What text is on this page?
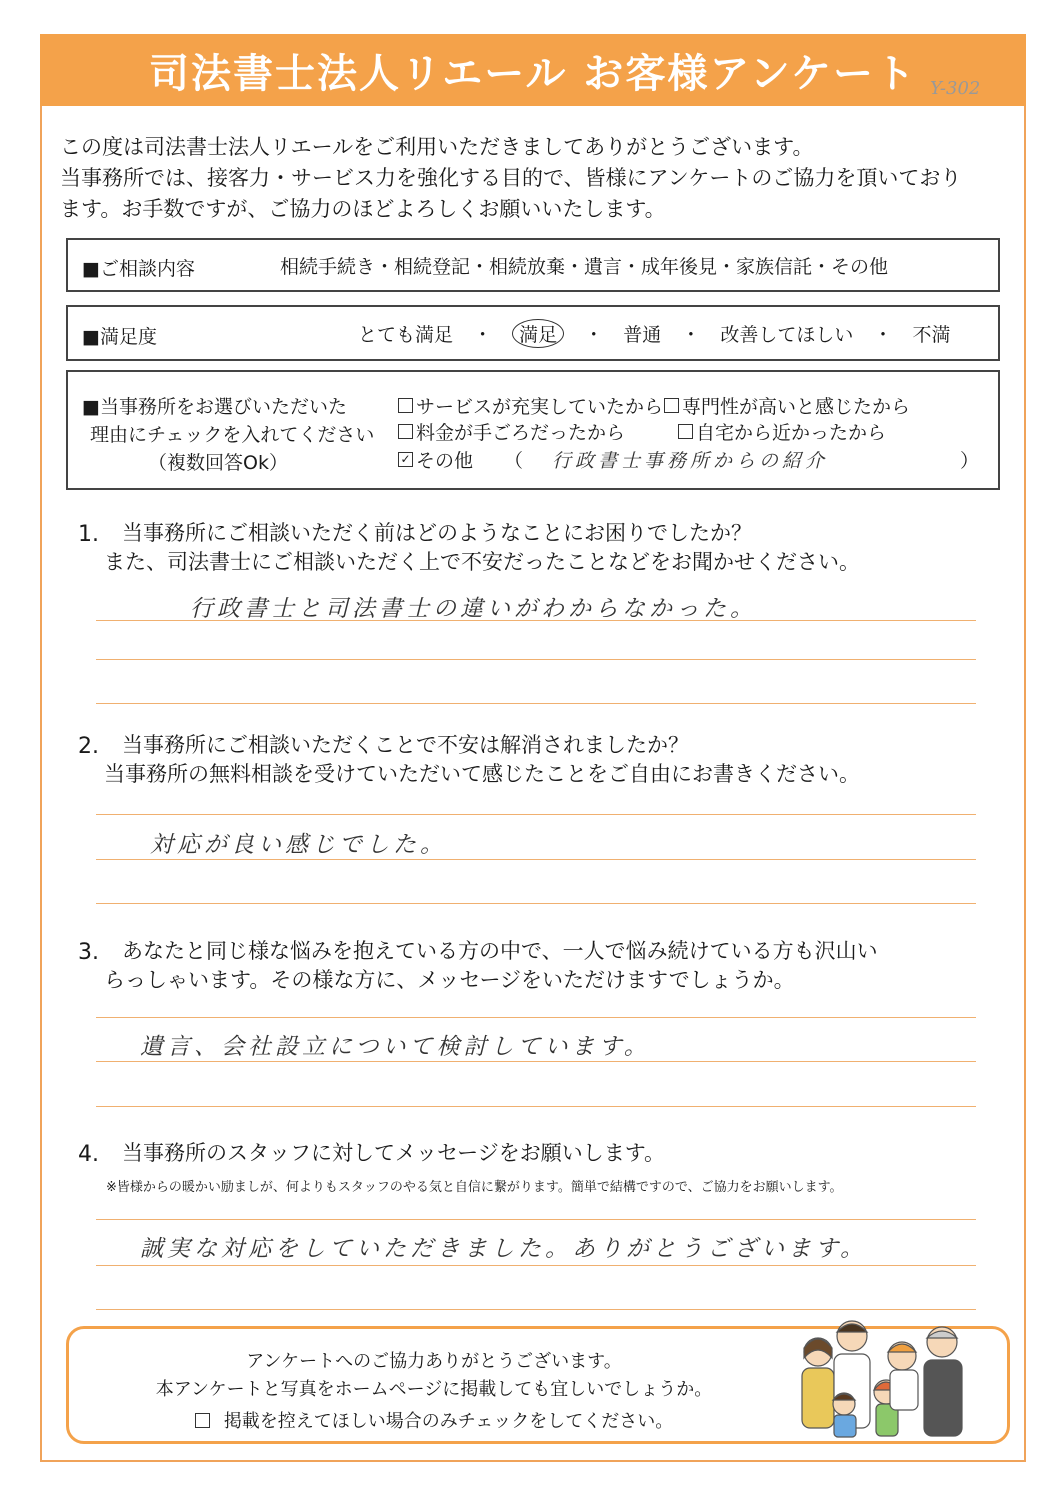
司法書士法人リエール お客様アンケート Y-302

この度は司法書士法人リエールをご利用いただきましてありがとうございます。

当事務所では、接客力・サービス力を強化する目的で、皆様にアンケートのご協力を頂いており

ます。お手数ですが、ご協力のほどよろしくお願いいたします。

■ご相談内容	相続手続き・相続登記・相続放棄・遺言・成年後見・家族信託・その他
■満足度	とても満足 ・ 満足 ・ 普通 ・ 改善してほしい ・ 不満
■当事務所をお選びいただいた
理由にチェックを入れてください
（複数回答Ok）
サービスが充実していたから 専門性が高いと感じたから
料金が手ごろだったから	自宅から近かったから
✓ その他 （ 行政書士事務所からの紹介	）
1. 当事務所にご相談いただく前はどのようなことにお困りでしたか？
また、司法書士にご相談いただく上で不安だったことなどをお聞かせください。
行政書士と司法書士の違いがわからなかった。
2. 当事務所にご相談いただくことで不安は解消されましたか？
当事務所の無料相談を受けていただいて感じたことをご自由にお書きください。
対応が良い感じでした。
3. あなたと同じ様な悩みを抱えている方の中で、一人で悩み続けている方も沢山い
らっしゃいます。その様な方に、メッセージをいただけますでしょうか。
遺言、会社設立について検討しています。
4. 当事務所のスタッフに対してメッセージをお願いします。
※皆様からの暖かい励ましが、何よりもスタッフのやる気と自信に繋がります。簡単で結構ですので、ご協力をお願いします。
誠実な対応をしていただきました。ありがとうございます。
アンケートへのご協力ありがとうございます。
本アンケートと写真をホームページに掲載しても宜しいでしょうか。
掲載を控えてほしい場合のみチェックをしてください。
